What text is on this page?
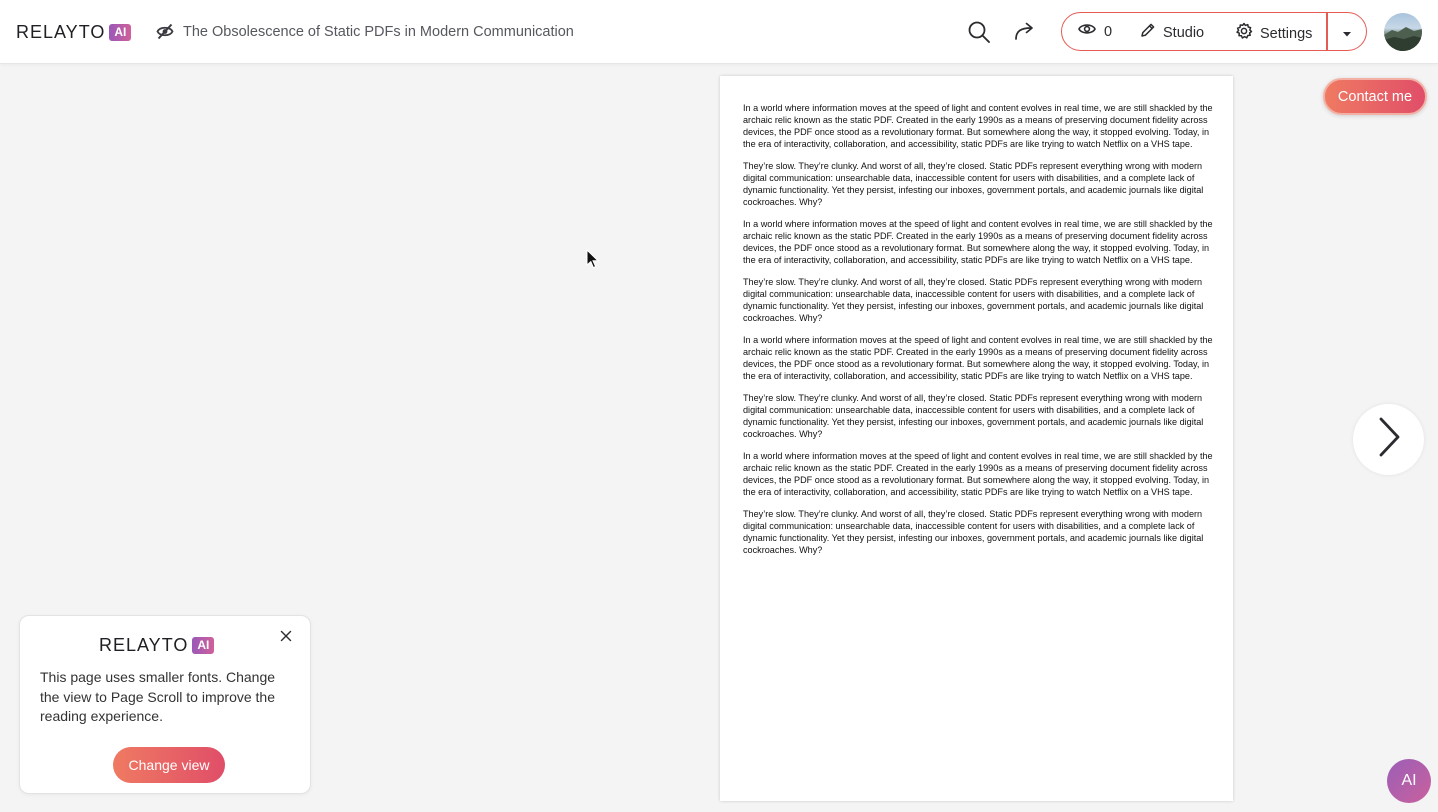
RELAYTO AI	The Obsolescence of Static PDFs in Modern Communication	0	Studio	Settings

In a world where information moves at the speed of light and content evolves in real time, we are still shackled by the archaic relic known as the static PDF. Created in the early 1990s as a means of preserving document fidelity across devices, the PDF once stood as a revolutionary format. But somewhere along the way, it stopped evolving. Today, in the era of interactivity, collaboration, and accessibility, static PDFs are like trying to watch Netflix on a VHS tape.

They’re slow. They’re clunky. And worst of all, they’re closed. Static PDFs represent everything wrong with modern digital communication: unsearchable data, inaccessible content for users with disabilities, and a complete lack of dynamic functionality. Yet they persist, infesting our inboxes, government portals, and academic journals like digital cockroaches. Why?

In a world where information moves at the speed of light and content evolves in real time, we are still shackled by the archaic relic known as the static PDF. Created in the early 1990s as a means of preserving document fidelity across devices, the PDF once stood as a revolutionary format. But somewhere along the way, it stopped evolving. Today, in the era of interactivity, collaboration, and accessibility, static PDFs are like trying to watch Netflix on a VHS tape.

They’re slow. They’re clunky. And worst of all, they’re closed. Static PDFs represent everything wrong with modern digital communication: unsearchable data, inaccessible content for users with disabilities, and a complete lack of dynamic functionality. Yet they persist, infesting our inboxes, government portals, and academic journals like digital cockroaches. Why?

In a world where information moves at the speed of light and content evolves in real time, we are still shackled by the archaic relic known as the static PDF. Created in the early 1990s as a means of preserving document fidelity across devices, the PDF once stood as a revolutionary format. But somewhere along the way, it stopped evolving. Today, in the era of interactivity, collaboration, and accessibility, static PDFs are like trying to watch Netflix on a VHS tape.

They’re slow. They’re clunky. And worst of all, they’re closed. Static PDFs represent everything wrong with modern digital communication: unsearchable data, inaccessible content for users with disabilities, and a complete lack of dynamic functionality. Yet they persist, infesting our inboxes, government portals, and academic journals like digital cockroaches. Why?

In a world where information moves at the speed of light and content evolves in real time, we are still shackled by the archaic relic known as the static PDF. Created in the early 1990s as a means of preserving document fidelity across devices, the PDF once stood as a revolutionary format. But somewhere along the way, it stopped evolving. Today, in the era of interactivity, collaboration, and accessibility, static PDFs are like trying to watch Netflix on a VHS tape.

They’re slow. They’re clunky. And worst of all, they’re closed. Static PDFs represent everything wrong with modern digital communication: unsearchable data, inaccessible content for users with disabilities, and a complete lack of dynamic functionality. Yet they persist, infesting our inboxes, government portals, and academic journals like digital cockroaches. Why?

Contact me
AI
RELAYTO AI
This page uses smaller fonts. Change the view to Page Scroll to improve the reading experience.
Change view
